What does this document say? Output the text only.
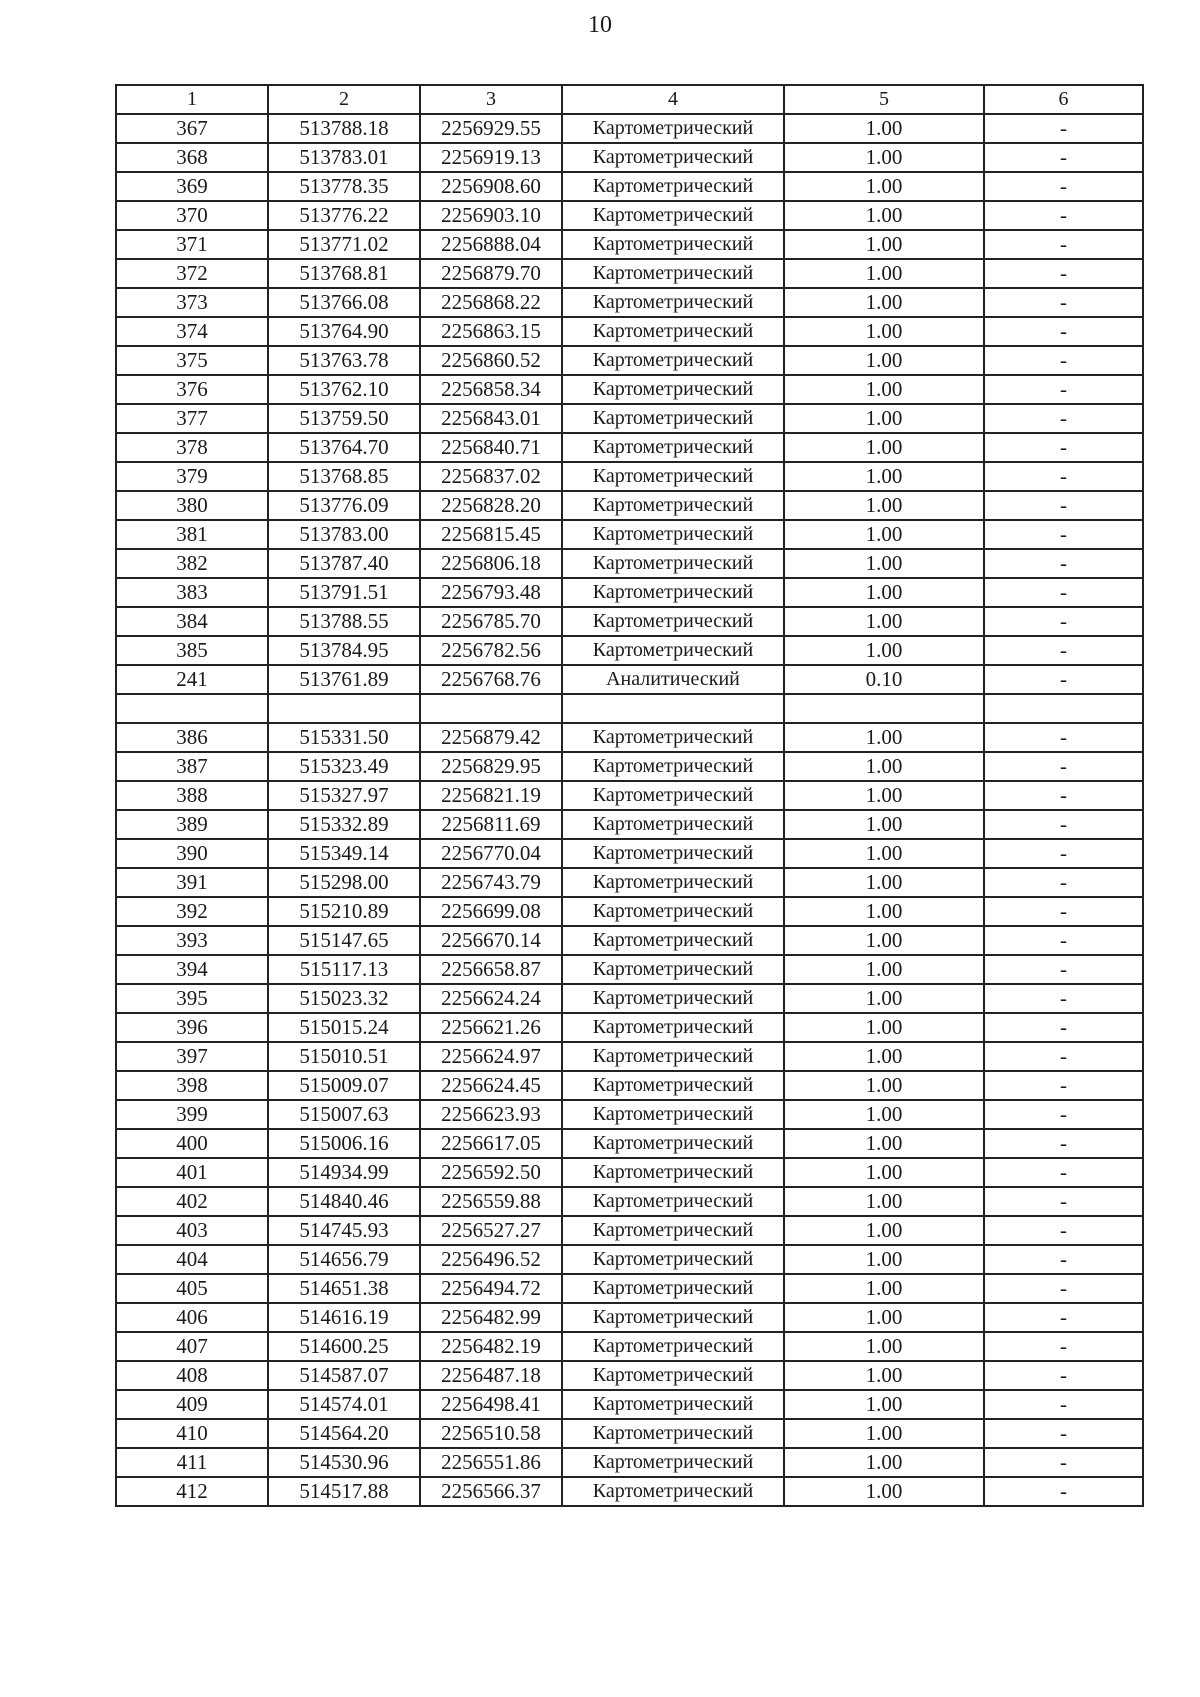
10
1	2	3	4	5	6
367	513788.18	2256929.55	Картометрический	1.00	-
368	513783.01	2256919.13	Картометрический	1.00	-
369	513778.35	2256908.60	Картометрический	1.00	-
370	513776.22	2256903.10	Картометрический	1.00	-
371	513771.02	2256888.04	Картометрический	1.00	-
372	513768.81	2256879.70	Картометрический	1.00	-
373	513766.08	2256868.22	Картометрический	1.00	-
374	513764.90	2256863.15	Картометрический	1.00	-
375	513763.78	2256860.52	Картометрический	1.00	-
376	513762.10	2256858.34	Картометрический	1.00	-
377	513759.50	2256843.01	Картометрический	1.00	-
378	513764.70	2256840.71	Картометрический	1.00	-
379	513768.85	2256837.02	Картометрический	1.00	-
380	513776.09	2256828.20	Картометрический	1.00	-
381	513783.00	2256815.45	Картометрический	1.00	-
382	513787.40	2256806.18	Картометрический	1.00	-
383	513791.51	2256793.48	Картометрический	1.00	-
384	513788.55	2256785.70	Картометрический	1.00	-
385	513784.95	2256782.56	Картометрический	1.00	-
241	513761.89	2256768.76	Аналитический	0.10	-

386	515331.50	2256879.42	Картометрический	1.00	-
387	515323.49	2256829.95	Картометрический	1.00	-
388	515327.97	2256821.19	Картометрический	1.00	-
389	515332.89	2256811.69	Картометрический	1.00	-
390	515349.14	2256770.04	Картометрический	1.00	-
391	515298.00	2256743.79	Картометрический	1.00	-
392	515210.89	2256699.08	Картометрический	1.00	-
393	515147.65	2256670.14	Картометрический	1.00	-
394	515117.13	2256658.87	Картометрический	1.00	-
395	515023.32	2256624.24	Картометрический	1.00	-
396	515015.24	2256621.26	Картометрический	1.00	-
397	515010.51	2256624.97	Картометрический	1.00	-
398	515009.07	2256624.45	Картометрический	1.00	-
399	515007.63	2256623.93	Картометрический	1.00	-
400	515006.16	2256617.05	Картометрический	1.00	-
401	514934.99	2256592.50	Картометрический	1.00	-
402	514840.46	2256559.88	Картометрический	1.00	-
403	514745.93	2256527.27	Картометрический	1.00	-
404	514656.79	2256496.52	Картометрический	1.00	-
405	514651.38	2256494.72	Картометрический	1.00	-
406	514616.19	2256482.99	Картометрический	1.00	-
407	514600.25	2256482.19	Картометрический	1.00	-
408	514587.07	2256487.18	Картометрический	1.00	-
409	514574.01	2256498.41	Картометрический	1.00	-
410	514564.20	2256510.58	Картометрический	1.00	-
411	514530.96	2256551.86	Картометрический	1.00	-
412	514517.88	2256566.37	Картометрический	1.00	-
